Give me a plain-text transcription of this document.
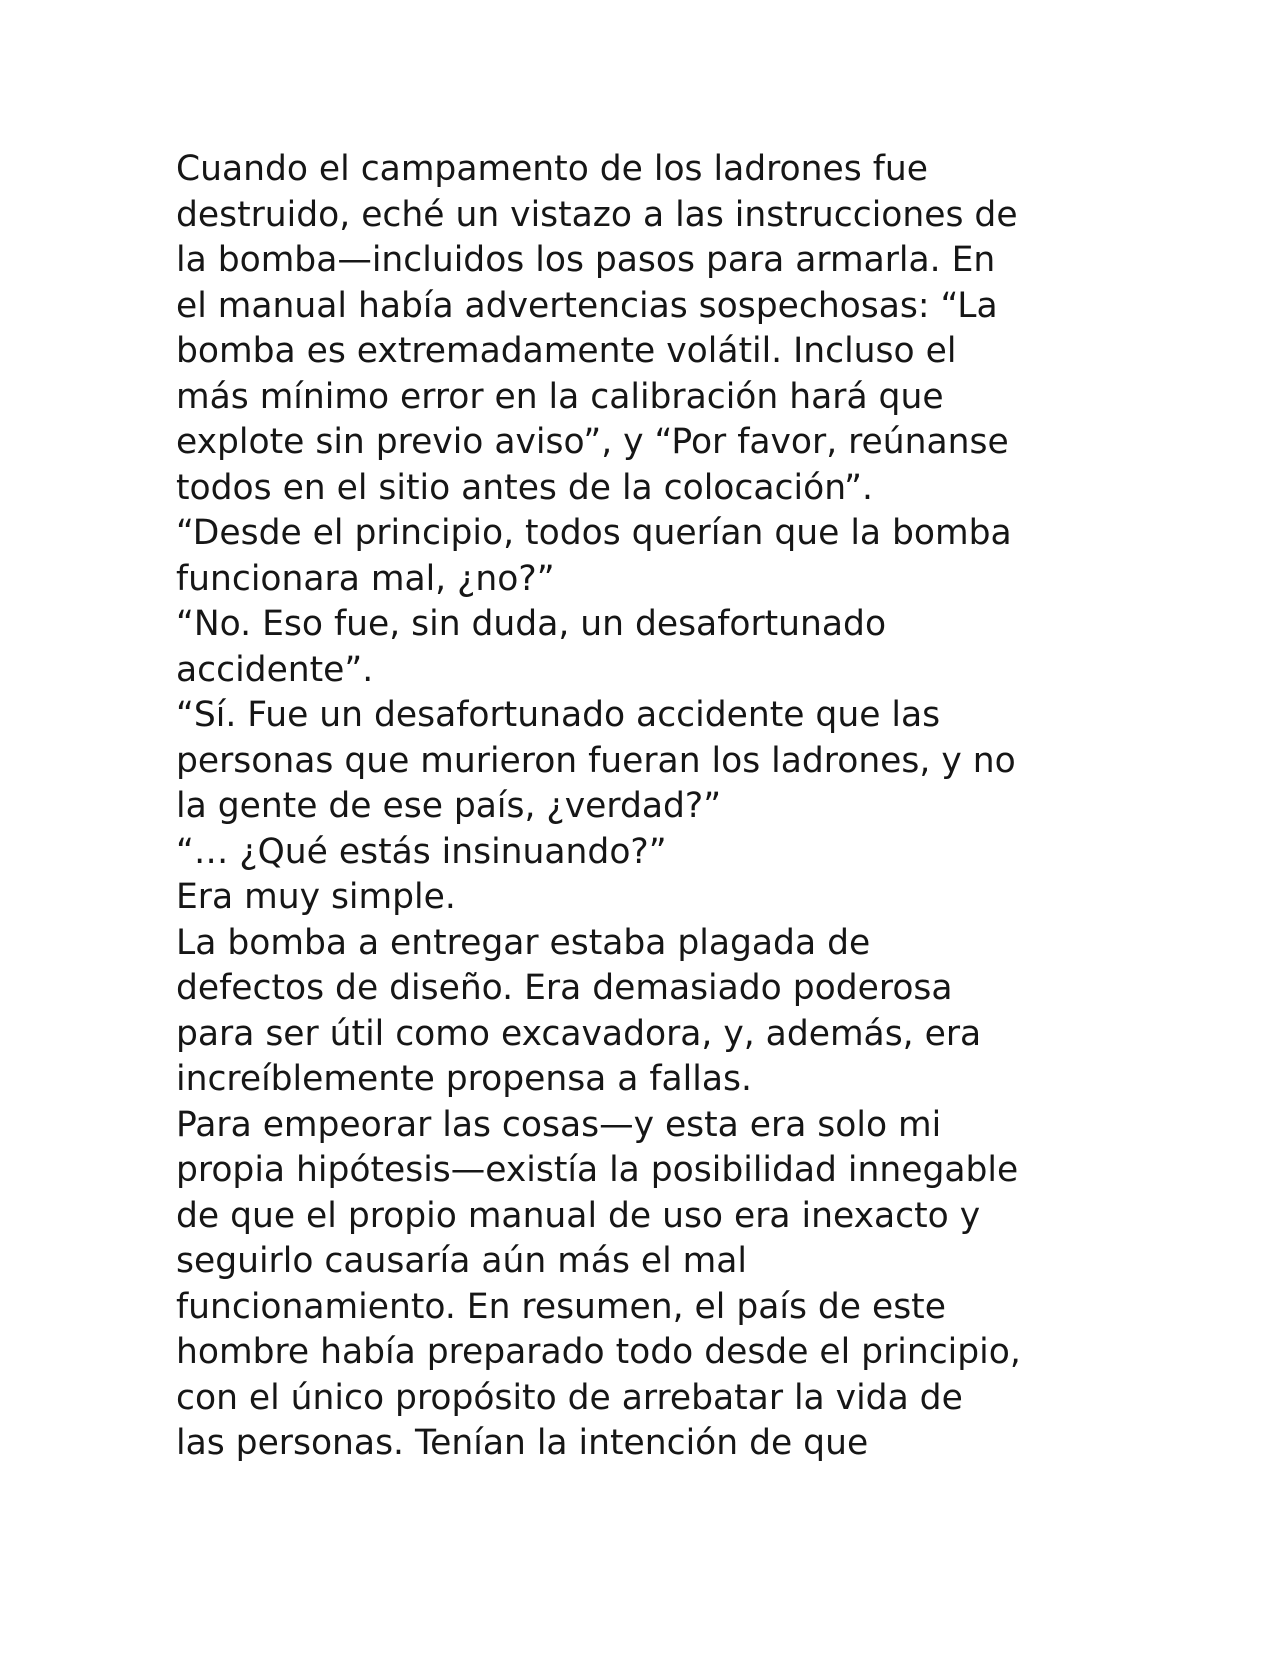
Cuando el campamento de los ladrones fue
destruido, eché un vistazo a las instrucciones de
la bomba—incluidos los pasos para armarla. En
el manual había advertencias sospechosas: “La
bomba es extremadamente volátil. Incluso el
más mínimo error en la calibración hará que
explote sin previo aviso”, y “Por favor, reúnanse
todos en el sitio antes de la colocación”.

“Desde el principio, todos querían que la bomba
funcionara mal, ¿no?”

“No. Eso fue, sin duda, un desafortunado
accidente”.

“Sí. Fue un desafortunado accidente que las
personas que murieron fueran los ladrones, y no
la gente de ese país, ¿verdad?”

“… ¿Qué estás insinuando?”

Era muy simple.

La bomba a entregar estaba plagada de
defectos de diseño. Era demasiado poderosa
para ser útil como excavadora, y, además, era
increíblemente propensa a fallas.

Para empeorar las cosas—y esta era solo mi
propia hipótesis—existía la posibilidad innegable
de que el propio manual de uso era inexacto y
seguirlo causaría aún más el mal
funcionamiento. En resumen, el país de este
hombre había preparado todo desde el principio,
con el único propósito de arrebatar la vida de
las personas. Tenían la intención de que
